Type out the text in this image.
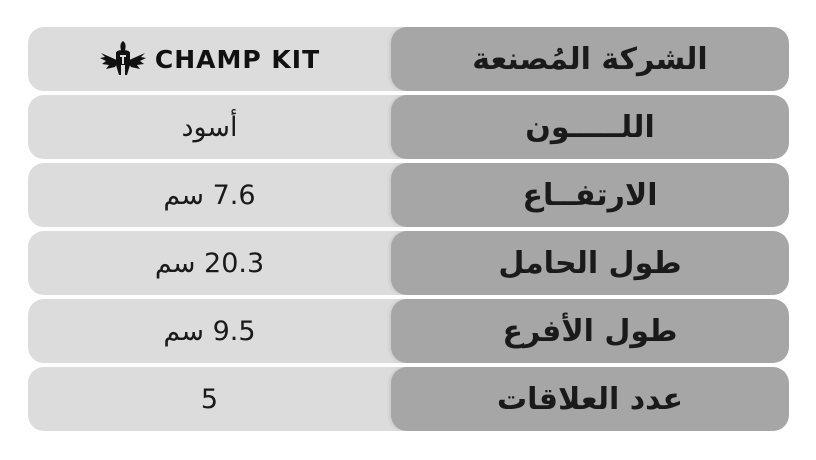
CHAMP KIT	الشركة المُصنعة
أسود	اللـــــون
7.6 سم	الارتفــاع
20.3 سم	طول الحامل
9.5 سم	طول الأفرع
5	عدد العلاقات
